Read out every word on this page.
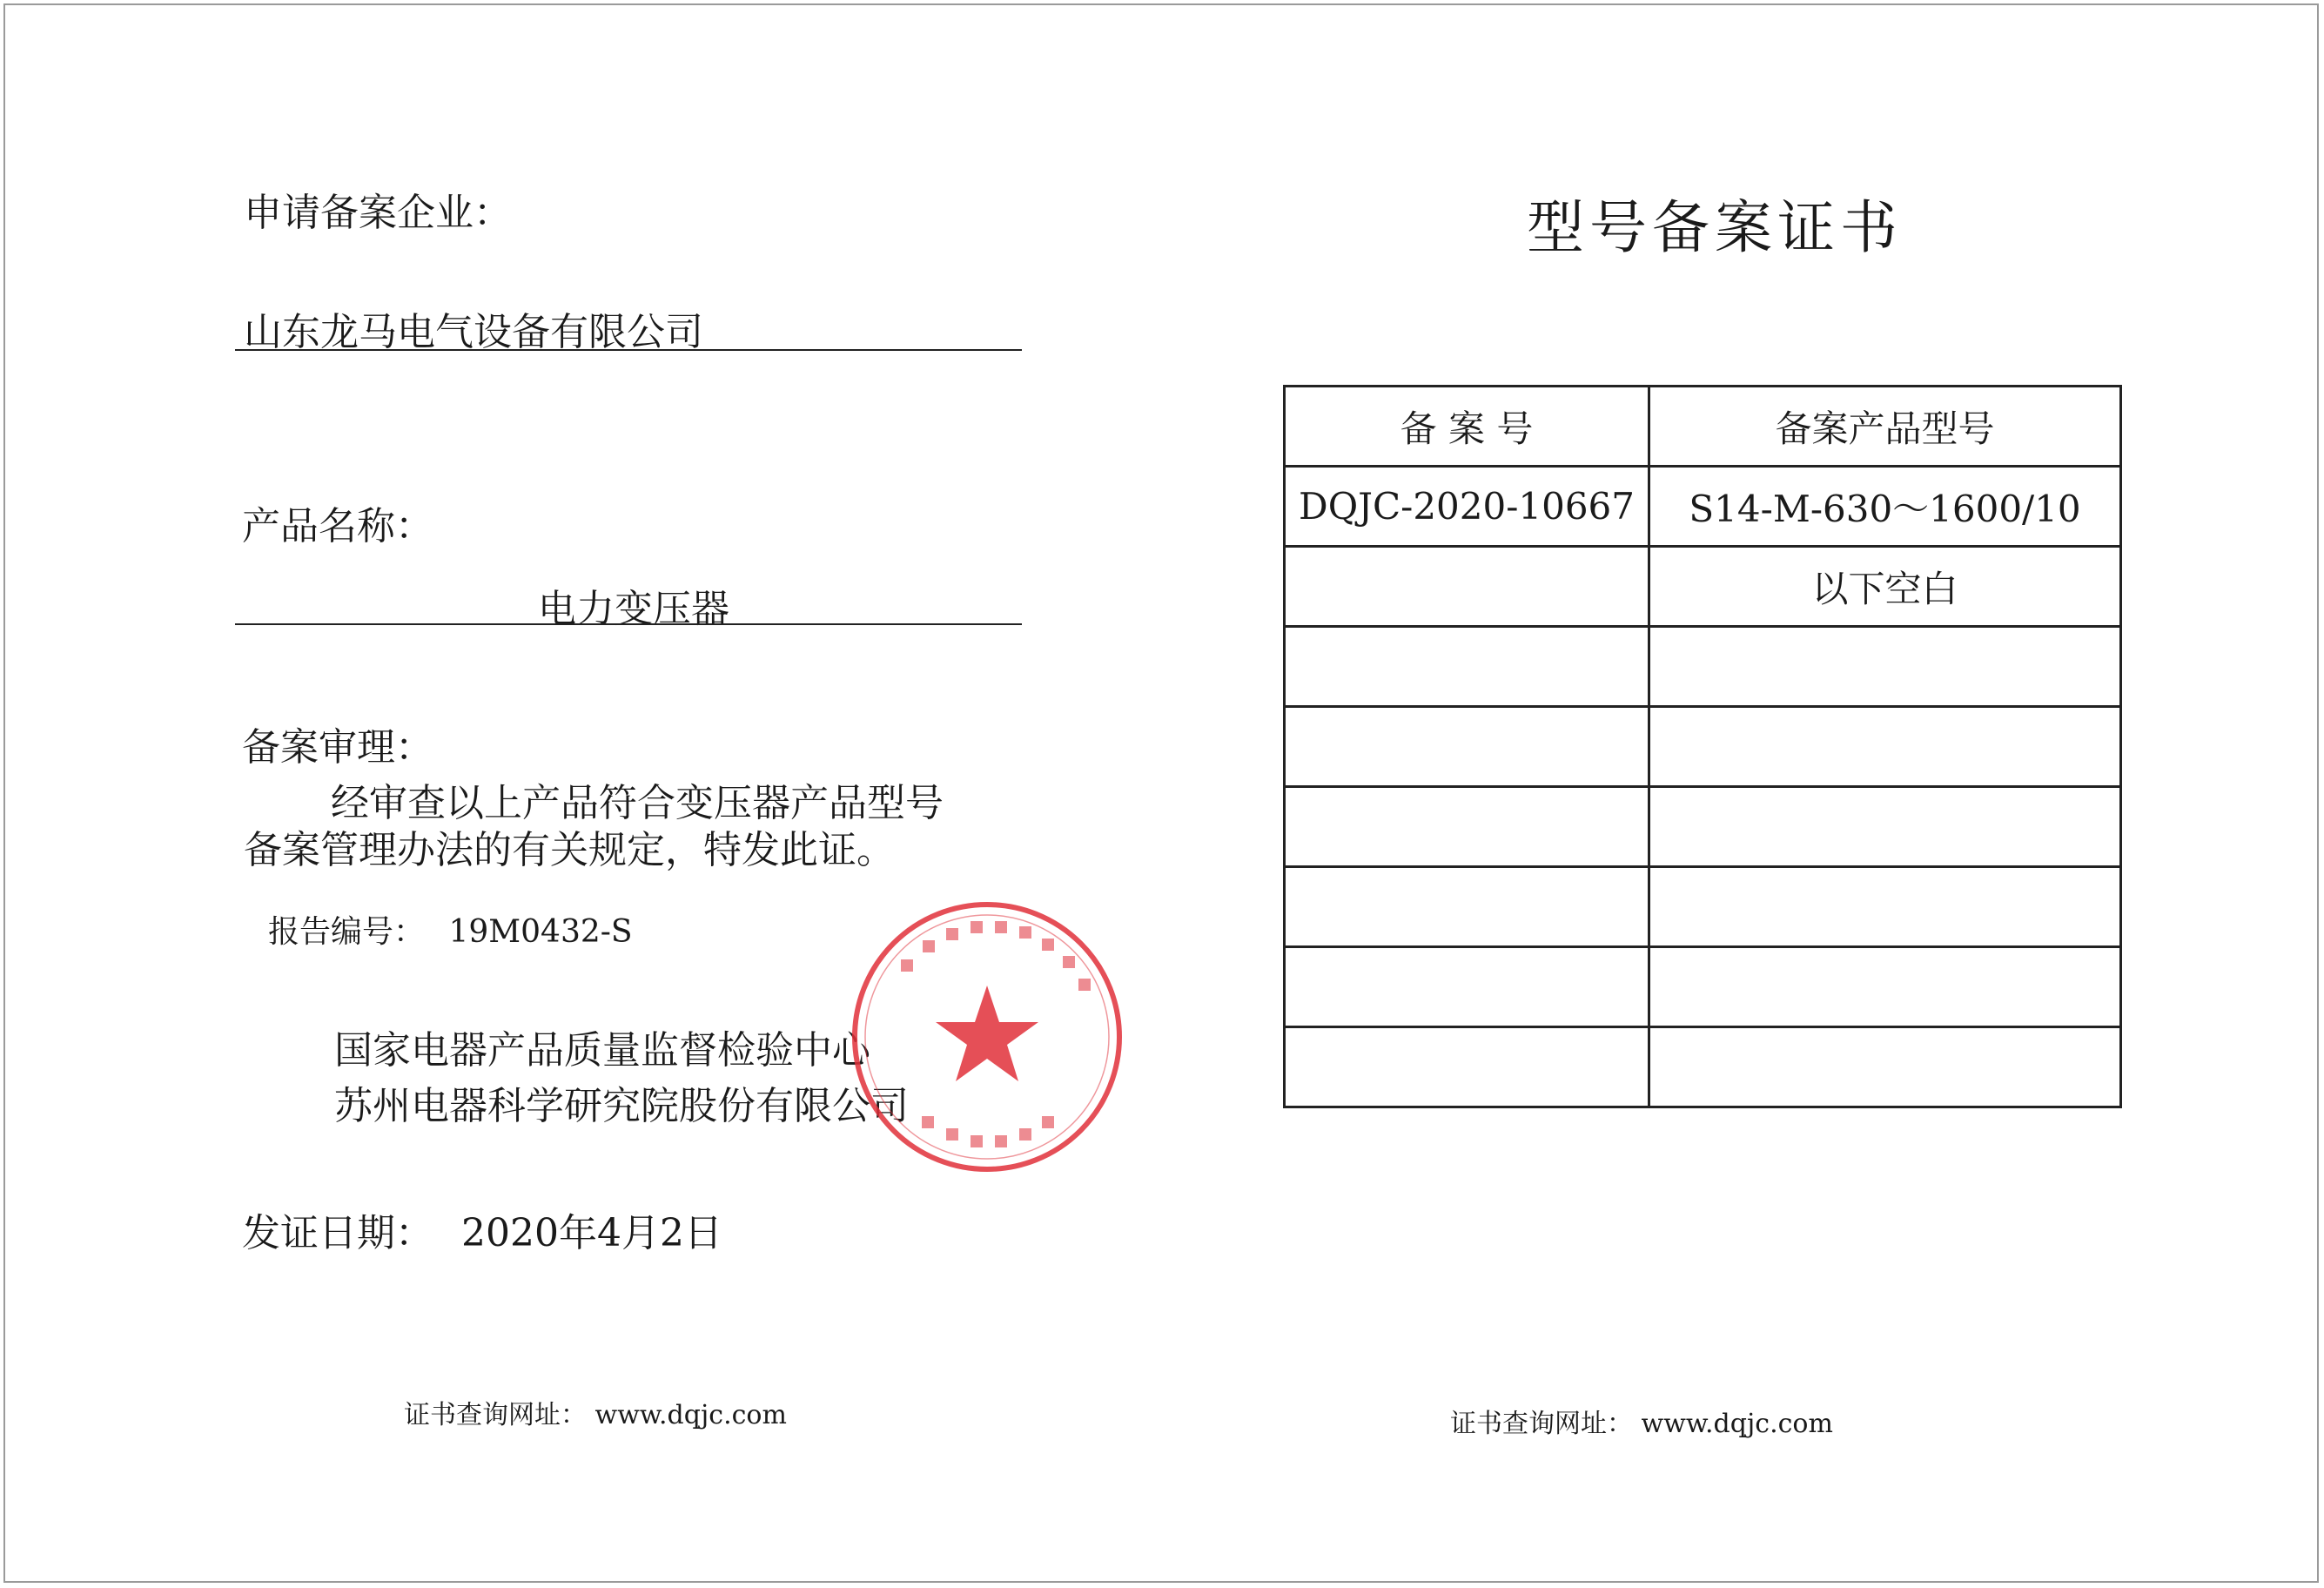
申请备案企业：
山东龙马电气设备有限公司
产品名称：
电力变压器
备案审理：
经审查以上产品符合变压器产品型号
备案管理办法的有关规定，特发此证。
报告编号： 19M0432-S
国家电器产品质量监督检验中心
苏州电器科学研究院股份有限公司
发证日期： 2020年4月2日
证书查询网址： www.dqjc.com
型号备案证书
备 案 号	备案产品型号
DQJC-2020-10667	S14-M-630～1600/10
	以下空白

证书查询网址： www.dqjc.com
